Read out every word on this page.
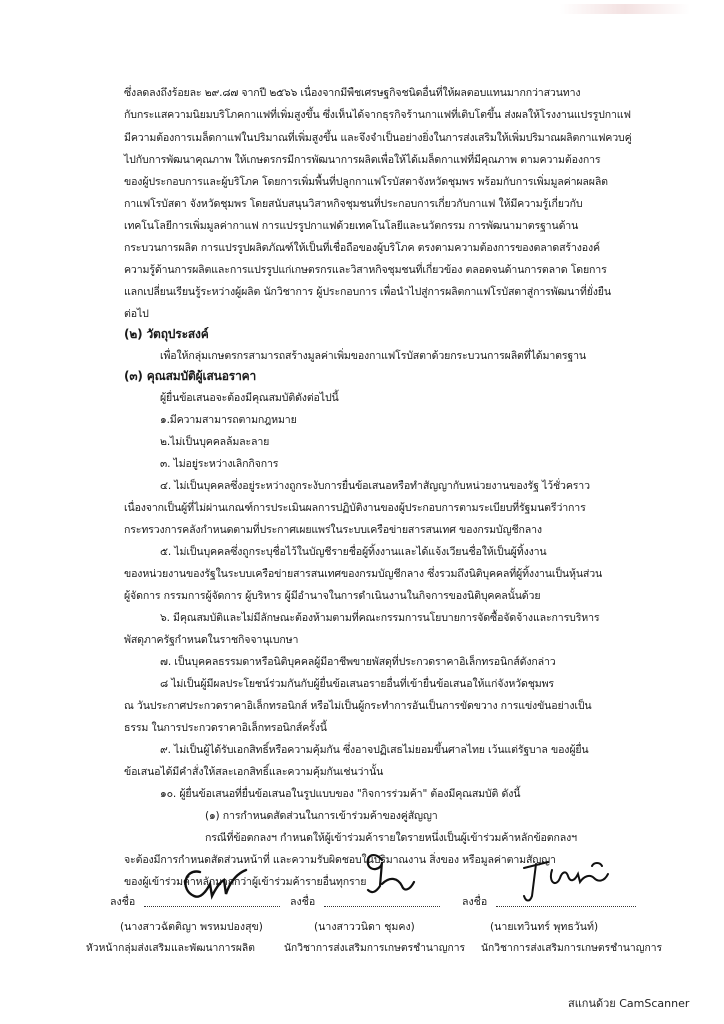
ซึ่งลดลงถึงร้อยละ ๒๙.๘๗ จากปี ๒๕๖๖ เนื่องจากมีพืชเศรษฐกิจชนิดอื่นที่ให้ผลตอบแทนมากกว่าสวนทาง
กับกระแสความนิยมบริโภคกาแฟที่เพิ่มสูงขึ้น ซึ่งเห็นได้จากธุรกิจร้านกาแฟที่เติบโตขึ้น ส่งผลให้โรงงานแปรรูปกาแฟ
มีความต้องการเมล็ดกาแฟในปริมาณที่เพิ่มสูงขึ้น และจึงจำเป็นอย่างยิ่งในการส่งเสริมให้เพิ่มปริมาณผลิตกาแฟควบคู่
ไปกับการพัฒนาคุณภาพ ให้เกษตรกรมีการพัฒนาการผลิตเพื่อให้ได้เมล็ดกาแฟที่มีคุณภาพ ตามความต้องการ
ของผู้ประกอบการและผู้บริโภค โดยการเพิ่มพื้นที่ปลูกกาแฟโรบัสตาจังหวัดชุมพร พร้อมกับการเพิ่มมูลค่าผลผลิต
กาแฟโรบัสตา จังหวัดชุมพร โดยสนับสนุนวิสาหกิจชุมชนที่ประกอบการเกี่ยวกับกาแฟ ให้มีความรู้เกี่ยวกับ
เทคโนโลยีการเพิ่มมูลค่ากาแฟ การแปรรูปกาแฟด้วยเทคโนโลยีและนวัตกรรม การพัฒนามาตรฐานด้าน
กระบวนการผลิต การแปรรูปผลิตภัณฑ์ให้เป็นที่เชื่อถือของผู้บริโภค ตรงตามความต้องการของตลาดสร้างองค์
ความรู้ด้านการผลิตและการแปรรูปแก่เกษตรกรและวิสาหกิจชุมชนที่เกี่ยวข้อง ตลอดจนด้านการตลาด โดยการ
แลกเปลี่ยนเรียนรู้ระหว่างผู้ผลิต นักวิชาการ ผู้ประกอบการ เพื่อนำไปสู่การผลิตกาแฟโรบัสตาสู่การพัฒนาที่ยั่งยืน
ต่อไป
(๒) วัตถุประสงค์
เพื่อให้กลุ่มเกษตรกรสามารถสร้างมูลค่าเพิ่มของกาแฟโรบัสตาด้วยกระบวนการผลิตที่ได้มาตรฐาน
(๓) คุณสมบัติผู้เสนอราคา
ผู้ยื่นข้อเสนอจะต้องมีคุณสมบัติดังต่อไปนี้
๑.มีความสามารถตามกฎหมาย
๒.ไม่เป็นบุคคลล้มละลาย
๓. ไม่อยู่ระหว่างเลิกกิจการ
๔. ไม่เป็นบุคคลซึ่งอยู่ระหว่างถูกระงับการยื่นข้อเสนอหรือทำสัญญากับหน่วยงานของรัฐ ไว้ชั่วคราว
เนื่องจากเป็นผู้ที่ไม่ผ่านเกณฑ์การประเมินผลการปฏิบัติงานของผู้ประกอบการตามระเบียบที่รัฐมนตรีว่าการ
กระทรวงการคลังกำหนดตามที่ประกาศเผยแพร่ในระบบเครือข่ายสารสนเทศ ของกรมบัญชีกลาง
๕. ไม่เป็นบุคคลซึ่งถูกระบุชื่อไว้ในบัญชีรายชื่อผู้ทิ้งงานและได้แจ้งเวียนชื่อให้เป็นผู้ทิ้งงาน
ของหน่วยงานของรัฐในระบบเครือข่ายสารสนเทศของกรมบัญชีกลาง ซึ่งรวมถึงนิติบุคคลที่ผู้ทิ้งงานเป็นหุ้นส่วน
ผู้จัดการ กรรมการผู้จัดการ ผู้บริหาร ผู้มีอำนาจในการดำเนินงานในกิจการของนิติบุคคลนั้นด้วย
๖. มีคุณสมบัติและไม่มีลักษณะต้องห้ามตามที่คณะกรรมการนโยบายการจัดซื้อจัดจ้างและการบริหาร
พัสดุภาครัฐกำหนดในราชกิจจานุเบกษา
๗. เป็นบุคคลธรรมดาหรือนิติบุคคลผู้มีอาชีพขายพัสดุที่ประกวดราคาอิเล็กทรอนิกส์ดังกล่าว
๘ ไม่เป็นผู้มีผลประโยชน์ร่วมกันกับผู้ยื่นข้อเสนอรายอื่นที่เข้ายื่นข้อเสนอให้แก่จังหวัดชุมพร
ณ วันประกาศประกวดราคาอิเล็กทรอนิกส์ หรือไม่เป็นผู้กระทำการอันเป็นการขัดขวาง การแข่งขันอย่างเป็น
ธรรม ในการประกวดราคาอิเล็กทรอนิกส์ครั้งนี้
๙. ไม่เป็นผู้ได้รับเอกสิทธิ์หรือความคุ้มกัน ซึ่งอาจปฏิเสธไม่ยอมขึ้นศาลไทย เว้นแต่รัฐบาล ของผู้ยื่น
ข้อเสนอได้มีคำสั่งให้สละเอกสิทธิ์และความคุ้มกันเช่นว่านั้น
๑๐. ผู้ยื่นข้อเสนอที่ยื่นข้อเสนอในรูปแบบของ "กิจการร่วมค้า" ต้องมีคุณสมบัติ ดังนี้
(๑) การกำหนดสัดส่วนในการเข้าร่วมค้าของคู่สัญญา
กรณีที่ข้อตกลงฯ กำหนดให้ผู้เข้าร่วมค้ารายใดรายหนึ่งเป็นผู้เข้าร่วมค้าหลักข้อตกลงฯ
จะต้องมีการกำหนดสัดส่วนหน้าที่ และความรับผิดชอบในปริมาณงาน สิ่งของ หรือมูลค่าตามสัญญา
ของผู้เข้าร่วมค้าหลักมากกว่าผู้เข้าร่วมค้ารายอื่นทุกราย
ลงชื่อ
(นางสาวฉัตติญา พรหมปองสุข)
หัวหน้ากลุ่มส่งเสริมและพัฒนาการผลิต
ลงชื่อ
(นางสาววนิดา ชุมคง)
นักวิชาการส่งเสริมการเกษตรชำนาญการ
ลงชื่อ
(นายเทวินทร์ พุทธวันท์)
นักวิชาการส่งเสริมการเกษตรชำนาญการ
สแกนด้วย CamScanner
